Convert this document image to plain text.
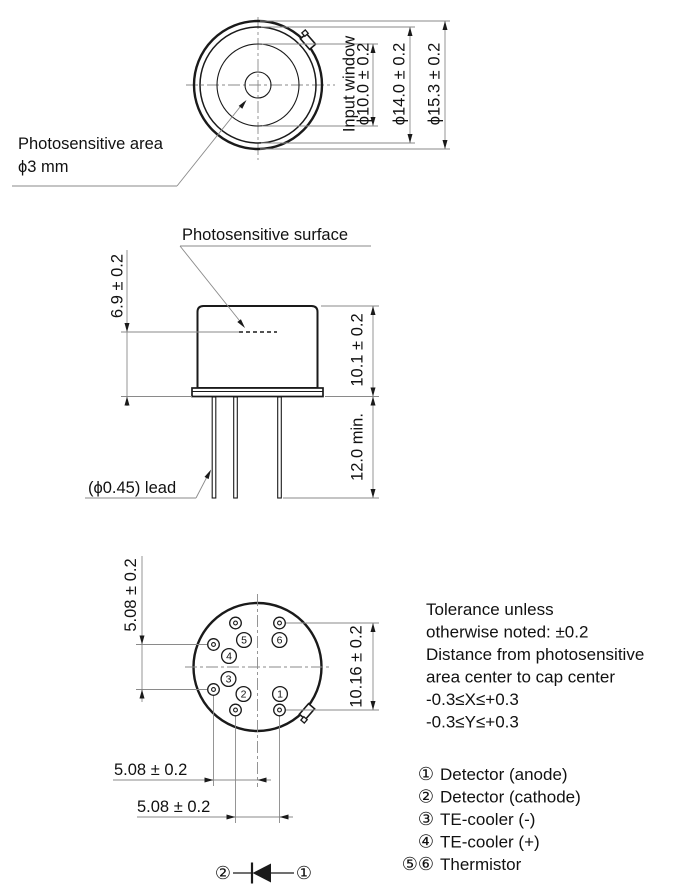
Input window
ϕ10.0 ± 0.2 ϕ14.0 ± 0.2 ϕ15.3 ± 0.2
Photosensitive area
ϕ3 mm
Photosensitive surface
6.9 ± 0.2
10.1 ± 0.2
12.0 min.
(ϕ0.45) lead
1
2
3
4
5	6
5.08 ± 0.2
10.16 ± 0.2
5.08 ± 0.2
5.08 ± 0.2
Tolerance unless
otherwise noted: ±0.2
Distance from photosensitive
area center to cap center
-0.3≤X≤+0.3
-0.3≤Y≤+0.3
① Detector (anode)
② Detector (cathode)
③ TE-cooler (-)
④ TE-cooler (+)
⑤⑥ Thermistor
②	①
